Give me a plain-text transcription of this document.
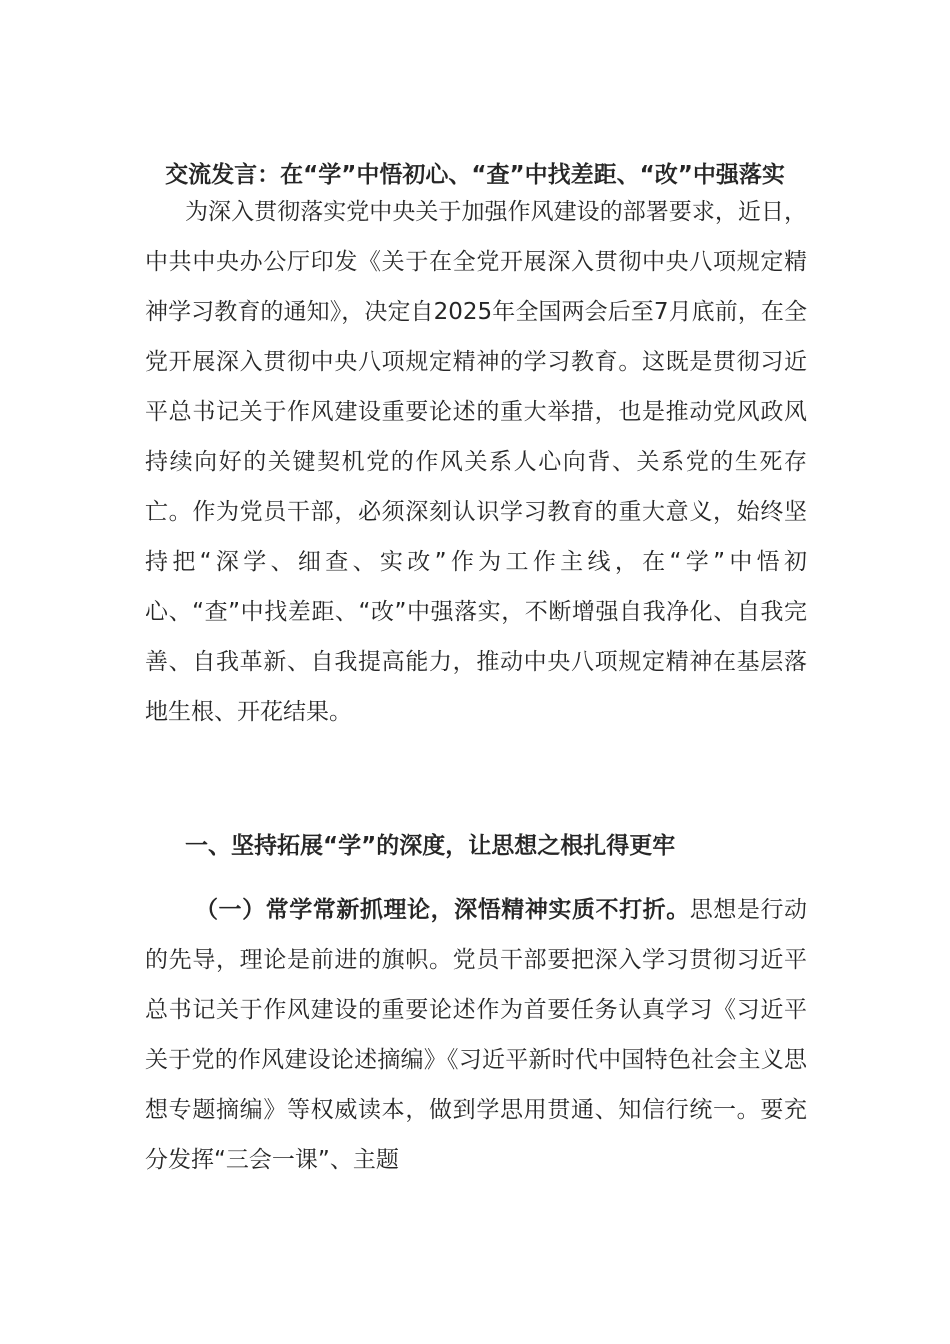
交流发言：在“学”中悟初心、“查”中找差距、“改”中强落实

为深入贯彻落实党中央关于加强作风建设的部署要求，近日，中共中央办公厅印发《关于在全党开展深入贯彻中央八项规定精神学习教育的通知》，决定自2025年全国两会后至7月底前，在全党开展深入贯彻中央八项规定精神的学习教育。这既是贯彻习近平总书记关于作风建设重要论述的重大举措，也是推动党风政风持续向好的关键契机党的作风关系人心向背、关系党的生死存亡。作为党员干部，必须深刻认识学习教育的重大意义，始终坚持把“深学、细查、实改”作为工作主线，在“学”中悟初心、“查”中找差距、“改”中强落实，不断增强自我净化、自我完善、自我革新、自我提高能力，推动中央八项规定精神在基层落地生根、开花结果。

一、坚持拓展“学”的深度，让思想之根扎得更牢

（一）常学常新抓理论，深悟精神实质不打折。思想是行动的先导，理论是前进的旗帜。党员干部要把深入学习贯彻习近平总书记关于作风建设的重要论述作为首要任务认真学习《习近平关于党的作风建设论述摘编》《习近平新时代中国特色社会主义思想专题摘编》等权威读本，做到学思用贯通、知信行统一。要充分发挥“三会一课”、主题
